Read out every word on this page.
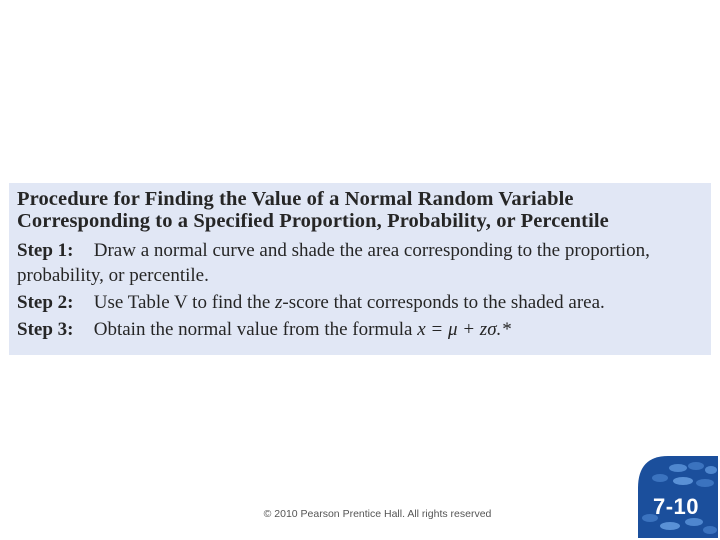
Procedure for Finding the Value of a Normal Random Variable
Corresponding to a Specified Proportion, Probability, or Percentile
Step 1: Draw a normal curve and shade the area corresponding to the proportion, probability, or percentile.
Step 2: Use Table V to find the z-score that corresponds to the shaded area.
Step 3: Obtain the normal value from the formula x = μ + zσ.*
© 2010 Pearson Prentice Hall. All rights reserved	7-10
